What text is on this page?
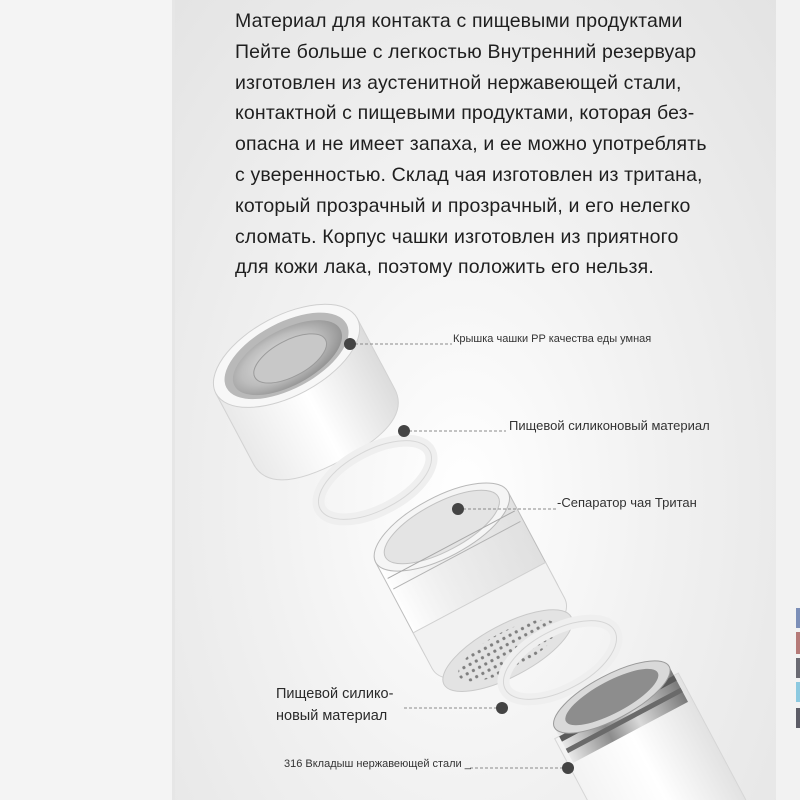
Материал для контакта с пищевыми продуктами
Пейте больше с легкостью Внутренний резервуар
изготовлен из аустенитной нержавеющей стали,
контактной с пищевыми продуктами, которая без-
опасна и не имеет запаха, и ее можно употреблять
с уверенностью. Склад чая изготовлен из тритана,
который прозрачный и прозрачный, и его нелегко
сломать. Корпус чашки изготовлен из приятного
для кожи лака, поэтому положить его нельзя.
Крышка чашки PP качества еды умная
Пищевой силиконовый материал
-Сепаратор чая Тритан
Пищевой силико-
новый материал
316 Вкладыш нержавеющей стали _
